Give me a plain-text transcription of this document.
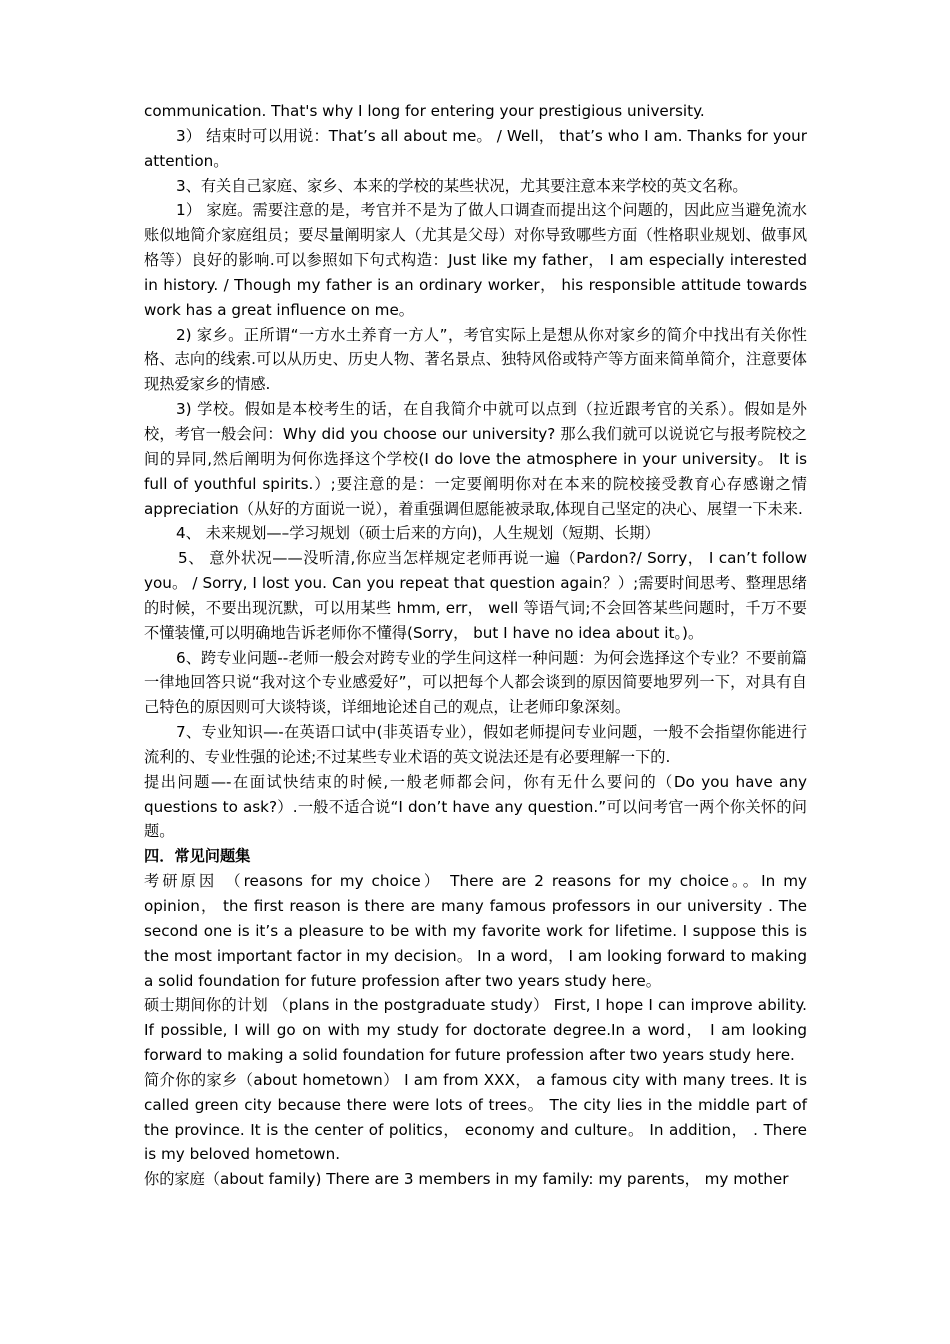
communication. That's why I long for entering your prestigious university.

3） 结束时可以用说：That’s all about me。 / Well， that’s who I am. Thanks for your attention。

3、有关自己家庭、家乡、本来的学校的某些状况，尤其要注意本来学校的英文名称。

1） 家庭。需要注意的是，考官并不是为了做人口调查而提出这个问题的，因此应当避免流水账似地简介家庭组员；要尽量阐明家人（尤其是父母）对你导致哪些方面（性格职业规划、做事风格等）良好的影响.可以参照如下句式构造：Just like my father， I am especially interested in history. / Though my father is an ordinary worker， his responsible attitude towards work has a great influence on me。

2) 家乡。正所谓“一方水土养育一方人”，考官实际上是想从你对家乡的简介中找出有关你性格、志向的线索.可以从历史、历史人物、著名景点、独特风俗或特产等方面来简单简介，注意要体现热爱家乡的情感.

3) 学校。假如是本校考生的话，在自我简介中就可以点到（拉近跟考官的关系）。假如是外校，考官一般会问：Why did you choose our university? 那么我们就可以说说它与报考院校之间的异同,然后阐明为何你选择这个学校(I do love the atmosphere in your university。 It is full of youthful spirits.）;要注意的是：一定要阐明你对在本来的院校接受教育心存感谢之情 appreciation（从好的方面说一说），着重强调但愿能被录取,体现自己坚定的决心、展望一下未来.

4、 未来规划—–学习规划（硕士后来的方向)，人生规划（短期、长期）

5、 意外状况——没听清,你应当怎样规定老师再说一遍（Pardon?/ Sorry， I can’t follow you。 / Sorry, I lost you. Can you repeat that question again？）;需要时间思考、整理思绪的时候，不要出现沉默，可以用某些 hmm, err， well 等语气词;不会回答某些问题时，千万不要不懂装懂,可以明确地告诉老师你不懂得(Sorry， but I have no idea about it。)。

6、跨专业问题--老师一般会对跨专业的学生问这样一种问题：为何会选择这个专业？不要前篇一律地回答只说“我对这个专业感爱好”，可以把每个人都会谈到的原因简要地罗列一下，对具有自己特色的原因则可大谈特谈，详细地论述自己的观点，让老师印象深刻。

7、专业知识—-在英语口试中(非英语专业），假如老师提问专业问题，一般不会指望你能进行流利的、专业性强的论述;不过某些专业术语的英文说法还是有必要理解一下的.

提出问题—-在面试快结束的时候,一般老师都会问，你有无什么要问的（Do you have any questions to ask?）.一般不适合说“I don’t have any question.”可以问考官一两个你关怀的问题。

四．常见问题集

考研原因 （reasons for my choice） There are 2 reasons for my choice。。In my opinion， the first reason is there are many famous professors in our university . The second one is it’s a pleasure to be with my favorite work for lifetime. I suppose this is the most important factor in my decision。 In a word， I am looking forward to making a solid foundation for future profession after two years study here。

硕士期间你的计划 （plans in the postgraduate study） First, I hope I can improve ability. If possible, I will go on with my study for doctorate degree.In a word， I am looking forward to making a solid foundation for future profession after two years study here.

简介你的家乡（about hometown） I am from XXX， a famous city with many trees. It is called green city because there were lots of trees。 The city lies in the middle part of the province. It is the center of politics， economy and culture。 In addition， . There is my beloved hometown.

你的家庭（about family) There are 3 members in my family: my parents， my mother
